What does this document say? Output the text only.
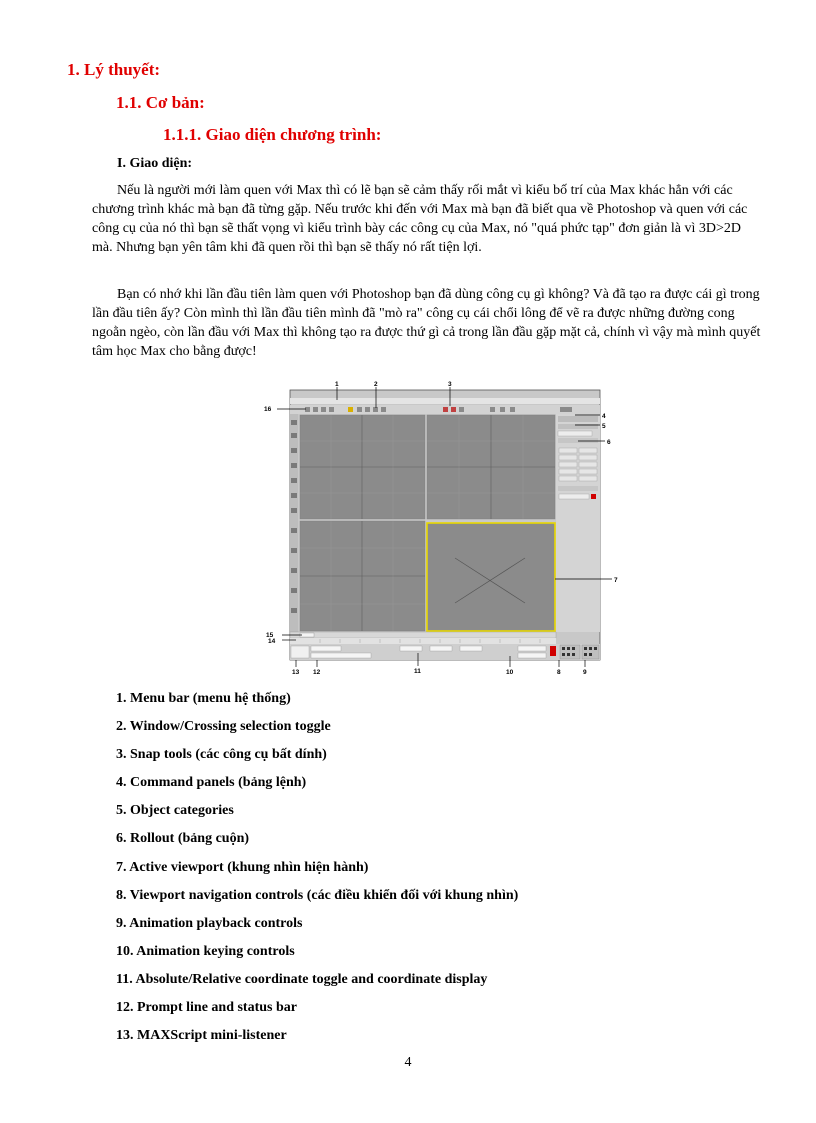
1. Lý thuyết:
1.1. Cơ bản:
1.1.1. Giao diện chương trình:
I. Giao diện:

Nếu là người mới làm quen với Max thì có lẽ bạn sẽ cảm thấy rối mắt vì kiểu bố trí của Max khác hẳn với các chương trình khác mà bạn đã từng gặp. Nếu trước khi đến với Max mà bạn đã biết qua về Photoshop và quen với các công cụ của nó thì bạn sẽ thất vọng vì kiểu trình bày các công cụ của Max, nó "quá phức tạp" đơn giản là vì 3D>2D mà. Nhưng bạn yên tâm khi đã quen rồi thì bạn sẽ thấy nó rất tiện lợi.

Bạn có nhớ khi lần đầu tiên làm quen với Photoshop bạn đã dùng công cụ gì không? Và đã tạo ra được cái gì trong lần đầu tiên ấy? Còn mình thì lần đầu tiên mình đã "mò ra" công cụ cái chổi lông để vẽ ra được những đường cong ngoằn ngèo, còn lần đầu với Max thì không tạo ra được thứ gì cả trong lần đầu gặp mặt cả, chính vì vậy mà mình quyết tâm học Max cho bằng được!

1	2	3
4
5
6
7
8	9
10
11
12
13
14
15
16
1. Menu bar (menu hệ thống)
2. Window/Crossing selection toggle
3. Snap tools (các công cụ bất dính)
4. Command panels (bảng lệnh)
5. Object categories
6. Rollout (bảng cuộn)
7. Active viewport (khung nhìn hiện hành)
8. Viewport navigation controls (các điều khiển đối với khung nhìn)
9. Animation playback controls
10. Animation keying controls
11. Absolute/Relative coordinate toggle and coordinate display
12. Prompt line and status bar
13. MAXScript mini-listener
4
